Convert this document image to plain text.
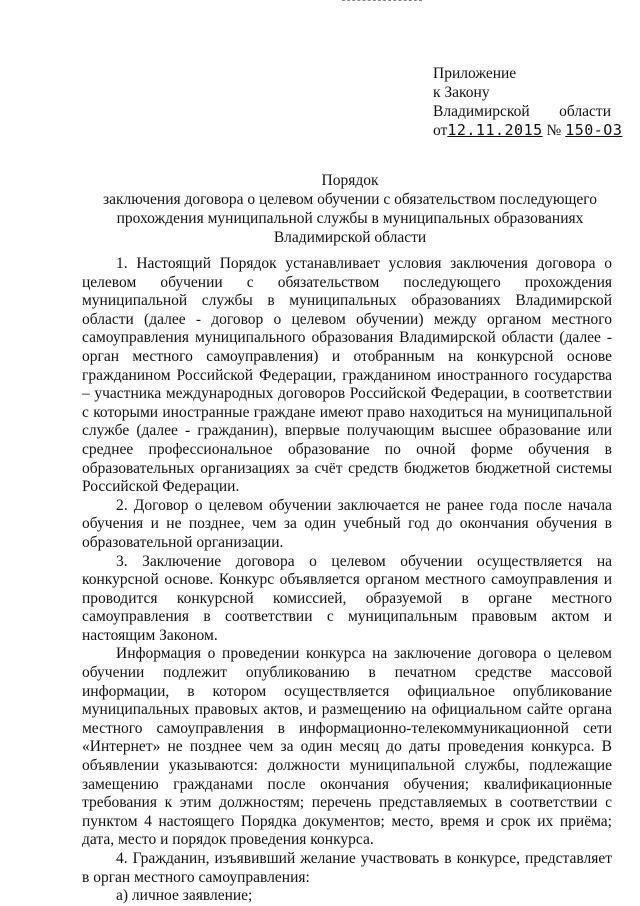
Приложение
к Закону
Владимирской области
от12.11.2015 № 150-ОЗ
Порядок
заключения договора о целевом обучении с обязательством последующего
прохождения муниципальной службы в муниципальных образованиях
Владимирской области

1. Настоящий Порядок устанавливает условия заключения договора о целевом обучении с обязательством последующего прохождения муниципальной службы в муниципальных образованиях Владимирской области (далее - договор о целевом обучении) между органом местного самоуправления муниципального образования Владимирской области (далее - орган местного самоуправления) и отобранным на конкурсной основе гражданином Российской Федерации, гражданином иностранного государства – участника международных договоров Российской Федерации, в соответствии с которыми иностранные граждане имеют право находиться на муниципальной службе (далее - гражданин), впервые получающим высшее образование или среднее профессиональное образование по очной форме обучения в образовательных организациях за счёт средств бюджетов бюджетной системы Российской Федерации.

2. Договор о целевом обучении заключается не ранее года после начала обучения и не позднее, чем за один учебный год до окончания обучения в образовательной организации.

3. Заключение договора о целевом обучении осуществляется на конкурсной основе. Конкурс объявляется органом местного самоуправления и проводится конкурсной комиссией, образуемой в органе местного самоуправления в соответствии с муниципальным правовым актом и настоящим Законом.

Информация о проведении конкурса на заключение договора о целевом обучении подлежит опубликованию в печатном средстве массовой информации, в котором осуществляется официальное опубликование муниципальных правовых актов, и размещению на официальном сайте органа местного самоуправления в информационно-телекоммуникационной сети «Интернет» не позднее чем за один месяц до даты проведения конкурса. В объявлении указываются: должности муниципальной службы, подлежащие замещению гражданами после окончания обучения; квалификационные требования к этим должностям; перечень представляемых в соответствии с пунктом 4 настоящего Порядка документов; место, время и срок их приёма; дата, место и порядок проведения конкурса.

4. Гражданин, изъявивший желание участвовать в конкурсе, представляет в орган местного самоуправления:

а) личное заявление;
